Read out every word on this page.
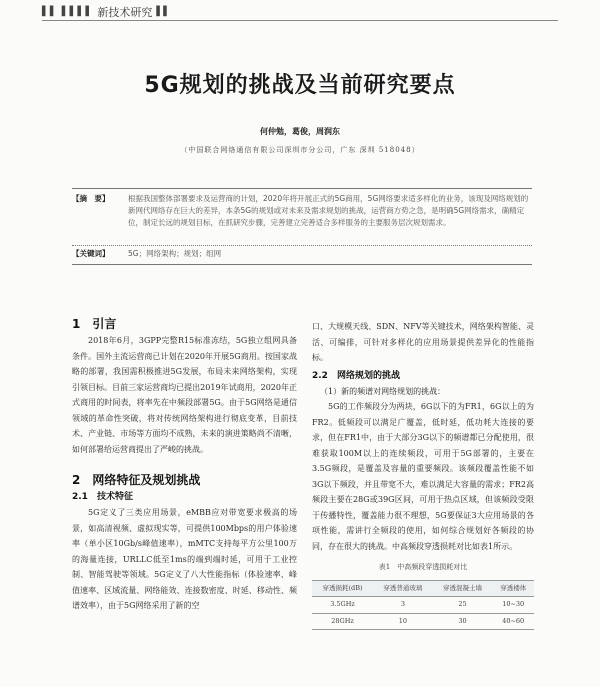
▌▌ ▌▌▌▌ 新技术研究 ▌▌
5G规划的挑战及当前研究要点
何仲勉，葛俊，周润东
（中国联合网络通信有限公司深圳市分公司，广东 深圳 518048）
【摘　要】	根据我国整体部署要求及运营商的计划，2020年将开展正式的5G商用，5G网络要求适多样化的业务，该现及网络规划的新网代网络存在巨大的差异，本条5G的规划或对未来及需求规划的挑战，运营商方势之急，是明确5G网络需求，确精定位，制定长远的规划目标，在抓研究步骤，完善建立完善适合多样服务的主要服务层次规划需求。
【关键词】	5G；网络架构；规划；组网
1　引言

2018年6月，3GPP完整R15标准冻结，5G独立组网具备条件。国外主流运营商已计划在2020年开展5G商用。按国家战略的部署，我国需积极推进5G发展，布局未来网络架构，实现引领目标。目前三家运营商均已提出2019年试商用，2020年正式商用的时间表，将率先在中频段部署5G。由于5G网络是通信领域的革命性突破，将对传统网络架构进行彻底变革，目前技术、产业链、市场等方面均不成熟，未来的演进策略尚不清晰，如何部署给运营商提出了严峻的挑战。

2　网络特征及规划挑战
2.1　技术特征

5G定义了三类应用场景，eMBB应对带宽要求极高的场景，如高清视频、虚拟现实等，可提供100Mbps的用户体验速率（单小区10Gb/s峰值速率），mMTC支持每平方公里100万的海量连接，URLLC低至1ms的端到端时延，可用于工业控制、智能驾驶等领域。5G定义了八大性能指标（体验速率、峰值速率、区域流量、网络能效、连接数密度、时延、移动性、频谱效率），由于5G网络采用了新的空

口、大规模天线、SDN、NFV等关键技术，网络架构智能、灵活、可编排，可针对多样化的应用场景提供差异化的性能指标。

2.2　网络规划的挑战
（1）新的频谱对网络规划的挑战：

5G的工作频段分为两块，6G以下的为FR1，6G以上的为FR2。低频段可以满足广覆盖，低时延，低功耗大连接的要求，但在FR1中，由于大部分3G以下的频谱都已分配使用，很难获取100M以上的连续频段，可用于5G部署的，主要在3.5G频段，是覆盖及容量的重要频段。该频段覆盖性能不如3G以下频段，并且带宽不大，难以满足大容量的需求；FR2高频段主要在28G或39G区间，可用于热点区域，但该频段受限于传播特性，覆盖能力很不理想，5G要保证3大应用场景的各项性能，需讲行全频段的使用，如何综合规划好各频段的协同，存在很大的挑战。中高频段穿透损耗对比如表1所示。

表1　中高频段穿透损耗对比
穿透损耗(dB)	穿透普通玻璃	穿透混凝土墙	穿透楼体
3.5GHz	3	25	10~30
28GHz	10	30	40~60
